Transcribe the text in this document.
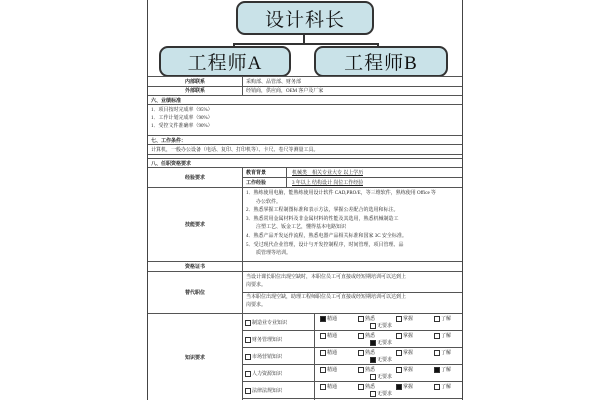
设计科长
工程师A	工程师B
内部联系	采购部、品管部、财务部
外部联系	经销商，供应商，OEM 客户及厂家
六、业绩标准
1．项目按时完成率（95%）
1．工作计划完成率（90%）
1．受控文件准确率（90%）
七、工作条件：
计算机，一般办公设备（电话、复印、打印机等）、卡尺、卷尺等测量工具。
八、任职资格要求
经验要求
教育背景	机械类　相关专业大专 以上学历
工作经验	3 年以上 结构设计 岗位工作经验
技能要求
1．熟练使用电脑，能熟练使用设计软件 CAD,PRO/E，等三维软件，熟练使用 Office 等
　　办公软件。
2．熟悉掌握工程制图标准和表示方法，掌握公差配合的选用和标注。
3．熟悉常用金属材料及非金属材料的性能及其选用，熟悉机械制造工
　　注塑工艺、钣金工艺，懂得基本电路知识
4．熟悉产品开发运作流程，熟悉电器产品相关标准和国家 3C 安全标准。
5．受过现代企业管理，设计与开发控制程序，时间管理，项目管理、品
　　质管理等培训。
资格证书
替代职位
当设计课长职位出现空缺时，本职位员工可直接或经短期培训可以达到上
岗要求。
当本职位出现空缺，助理工程师职位员工可直接或经短期培训可以达到上
岗要求。
知识要求
制造业专业知识
精通	熟悉	掌握	了解
无要求
财务管理知识
精通	熟悉	掌握	了解
无要求
市场营销知识
精通	熟悉	掌握	了解
无要求
人力资源知识
精通	熟悉	掌握	了解
无要求
法律法规知识
精通	熟悉	掌握	了解
无要求
